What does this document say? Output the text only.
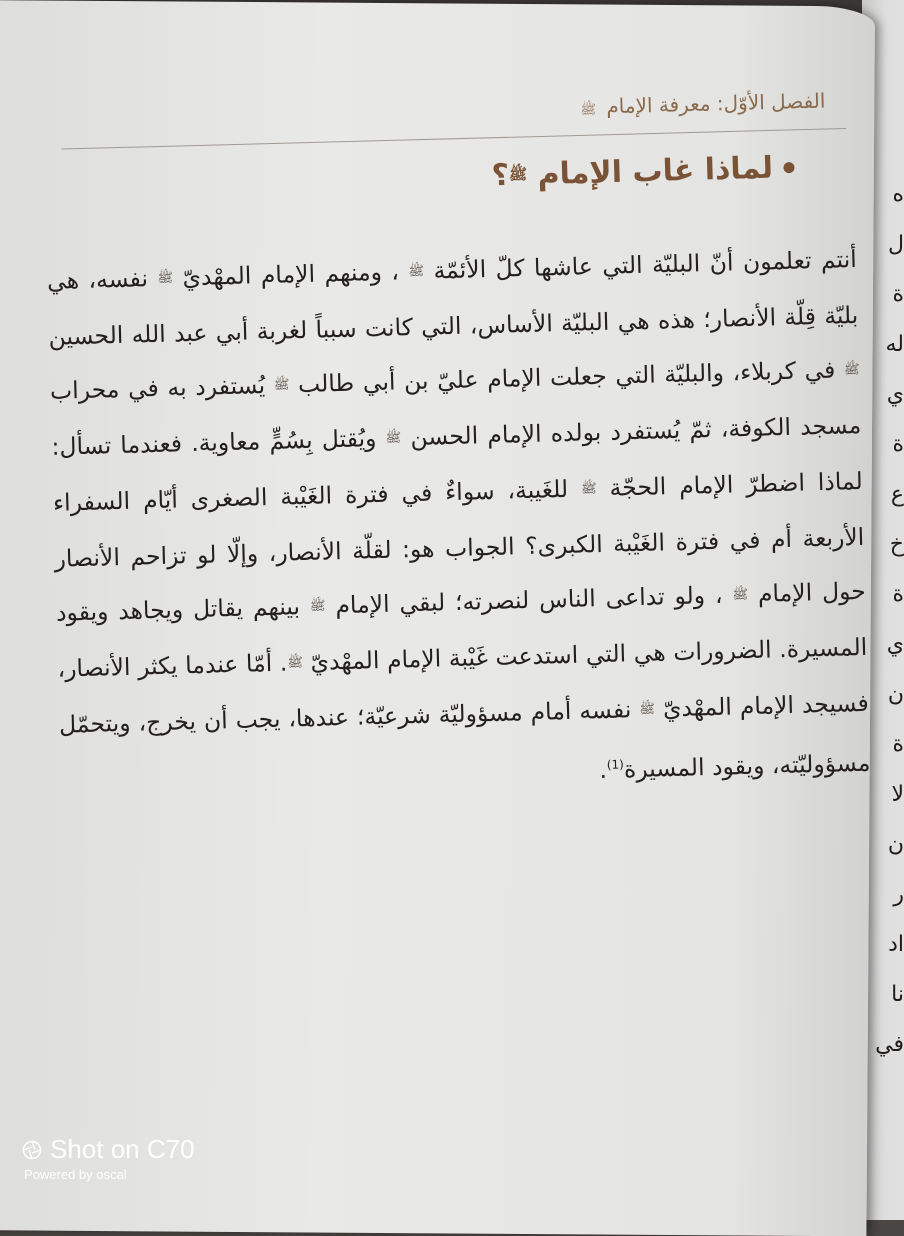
الفصل الأوّل: معرفة الإمام ﷺ
لماذا غاب الإمام ﷺ؟
أنتم تعلمون أنّ البليّة التي عاشها كلّ الأئمّة ﷺ ، ومنهم الإمام المهْديّ ﷺ نفسه، هي بليّة قِلّة الأنصار؛ هذه هي البليّة الأساس، التي كانت سبباً لغربة أبي عبد الله الحسين ﷺ في كربلاء، والبليّة التي جعلت الإمام عليّ بن أبي طالب ﷺ يُستفرد به في محراب مسجد الكوفة، ثمّ يُستفرد بولده الإمام الحسن ﷺ ويُقتل بِسُمٍّ معاوية. فعندما تسأل: لماذا اضطرّ الإمام الحجّة ﷺ للغَيبة، سواءٌ في فترة الغَيْبة الصغرى أيّام السفراء الأربعة أم في فترة الغَيْبة الكبرى؟ الجواب هو: لقلّة الأنصار، وإلّا لو تزاحم الأنصار حول الإمام ﷺ ، ولو تداعى الناس لنصرته؛ لبقي الإمام ﷺ بينهم يقاتل ويجاهد ويقود المسيرة. الضرورات هي التي استدعت غَيْبة الإمام المهْديّ ﷺ. أمّا عندما يكثر الأنصار، فسيجد الإمام المهْديّ ﷺ نفسه أمام مسؤوليّة شرعيّة؛ عندها، يجب أن يخرج، ويتحمّل مسؤوليّته، ويقود المسيرة$^{(1)}$.
ه
ل
ة
له
ي
ة
ع
خ
ة
ي
ن
ة
لا
ن
ر
اد
نا
في
Shot on C70
Powered by oscal
